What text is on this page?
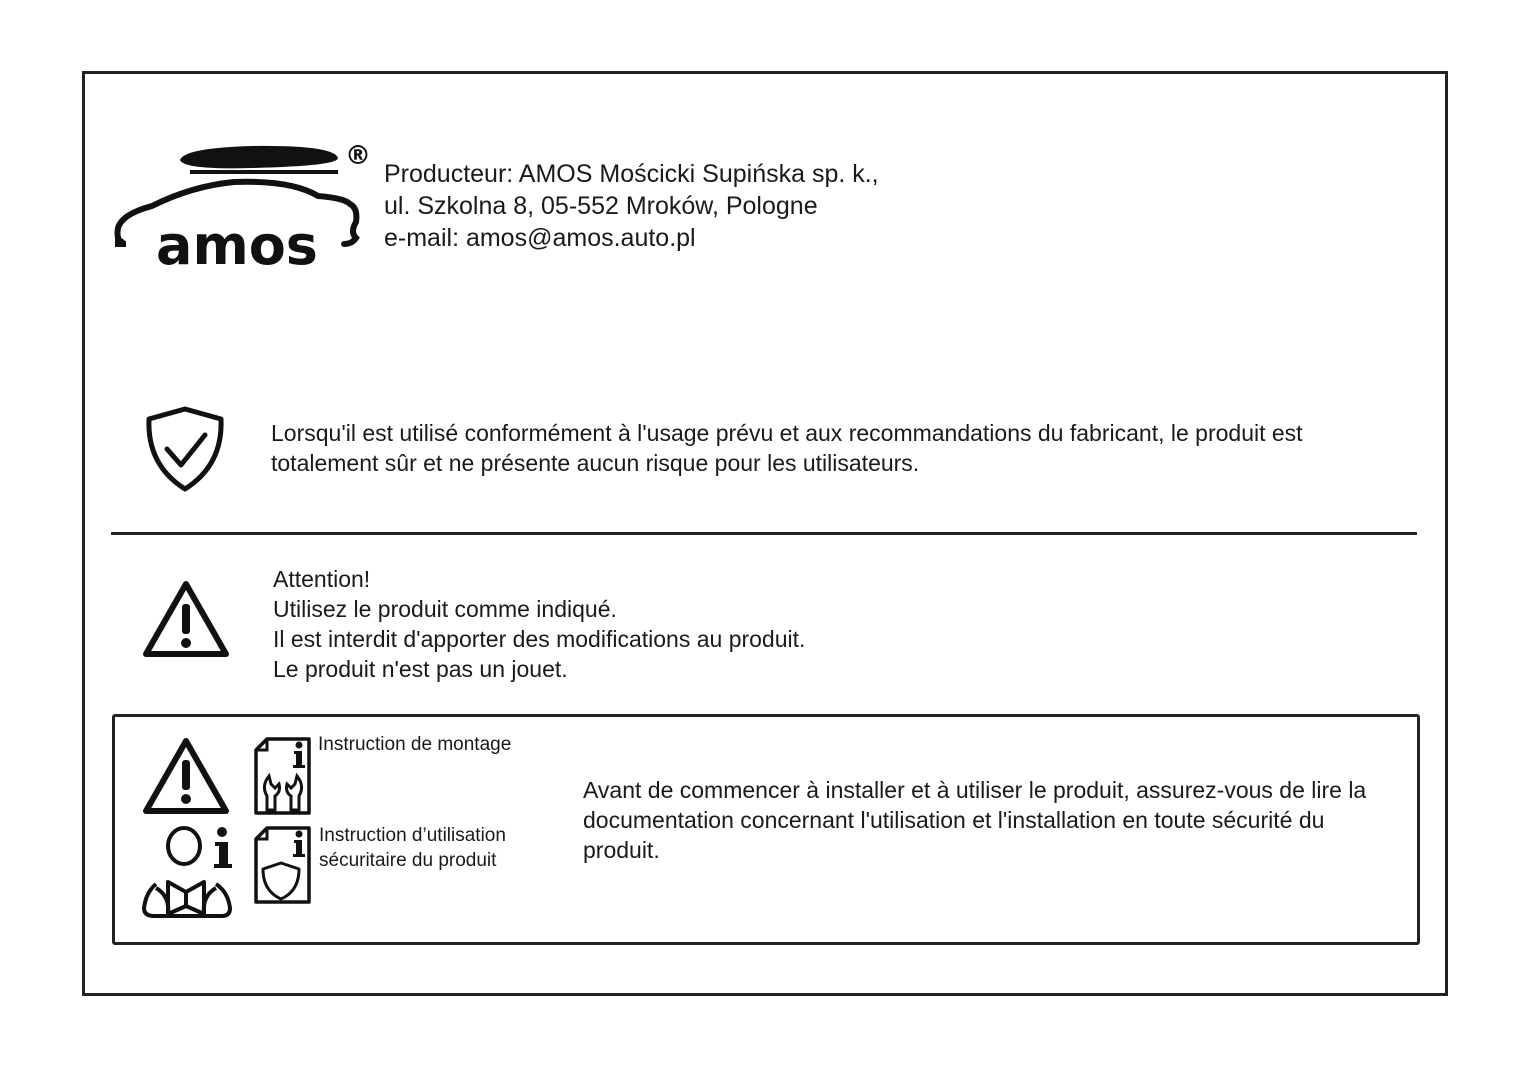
amos
®
Producteur: AMOS Mościcki Supińska sp. k.,
ul. Szkolna 8, 05-552 Mroków, Pologne
e-mail: amos@amos.auto.pl
Lorsqu'il est utilisé conformément à l'usage prévu et aux recommandations du fabricant, le produit est totalement sûr et ne présente aucun risque pour les utilisateurs.
Attention!
Utilisez le produit comme indiqué.
Il est interdit d'apporter des modifications au produit.
Le produit n'est pas un jouet.
Instruction de montage
Instruction d’utilisation
sécuritaire du produit
Avant de commencer à installer et à utiliser le produit, assurez-vous de lire la documentation concernant l'utilisation et l'installation en toute sécurité du produit.
